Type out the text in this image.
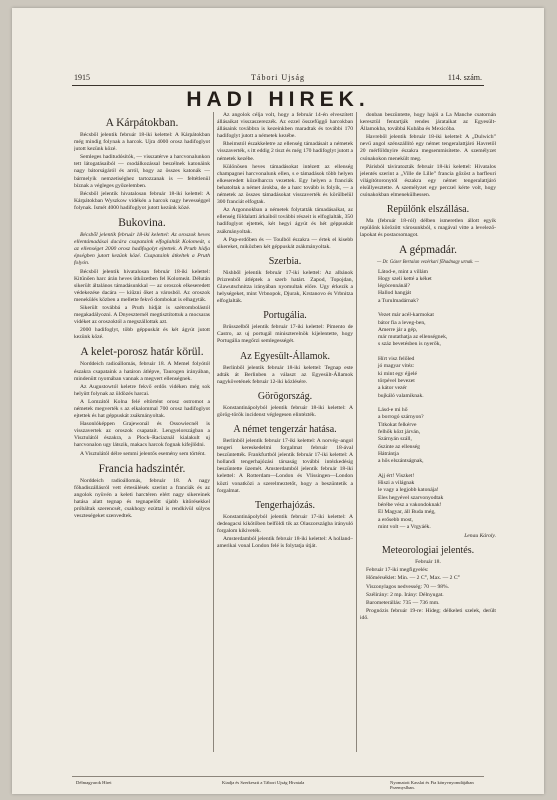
1915	Tábori Ujság	114. szám.
HADI HIREK.
A Kárpátokban.

Bécsből jelentik február 18-iki kelettel: A Kárpátokban még mindig folynak a harcok. Ujra 4000 orosz hadifoglyot jutott kezünk közé.

Semleges haditudósítók, — visszatérve a harcvonalunkon tett látogatásaiból — csodálkozással beszélnek katonáink nagy bátorságáról és arról, hogy az összes katonák — bármelyik nemzetiséghez tartozzanak is — feltétlenül bíznak a végleges győzelemben.

Bécsből jelentik hivatalosan február 18-iki kelettel: A Kárpátokban Wyszkow vidékén a harcok nagy hevességgel folynak. Ismét 4000 hadifoglyot jutott kezünk közé.

Bukovina.

Bécsből jelentik február 18-iki kelettel: Az oroszok heves ellentámadásai dacára csapataink elfoglalták Kolomeát, s az ellenséget 2000 orosz hadifogolyt ejtettek. A Pruth hídja épségben jutott kezünk közé. Csapataink átkeltek a Pruth folyón.

Bécsből jelentik hivatalosan február 18-iki kelettel: Kitűnően harc árán heves ütközetben fel Kolomeát. Délután sikerült általános támadásunkkal — az oroszok elkeseredett védekezése dacára — kiűzni őket a városból. Az oroszok menekülés közben a mellette fekvő dombokat is elhagyták.

Sikerült továbbá a Pruth hídját is szétrombolástól megakadályozni. A Dnyeszternél megtisztítottuk a mocsaras vidéket az oroszoktól a megszállottak azt.

2000 hadifoglyt, több géppuskát és két ágyút jutott kezünk közé.

A kelet-porosz határ körül.

Norddeich radioállomás, február 18. A Memel folyótól északra csapataink a határon átlépve, Taurogen irányában, mindenütt nyomában vannak a megvert ellenségnek.

Az Augustowtól keletre fekvő erdős vidéken még sok helyütt folynak az üldözés harcai.

A Lomzától Kolna felé eltörtént orosz ostromot a németek megverték s az elkalommal 700 orosz hadifoglyot ejtettek és hat géppuskát zsákmányoltak.

Hasonlóképpen Grajewonál és Ossowiecnél is visszavertek az oroszok csapatait. Lengyelországban a Visztulától északra, a Plock–Raciaznál kialakult uj harcvonalon ugy látszik, makacs harcok fognak kifejlődni.

A Visztulától délre semmi jelentős esemény sem történt.

Francia hadszintér.

Norddeich radioállomás, február 18. A nagy főhadiszállásról vett értesülések szerint a franciák és az angolok nyüvén a keleti harctéren elért nagy sikereinek hatása alatt tegnap és tegnapelőtt újabb kitörésekkel próbáltak szerencsét, csakhogy ezúttal is rendkívül súlyos veszteségeket szenvedtek.

Az angolok célja volt, hogy a február 14-én elveszített állásaikat visszaszerezzék. Az ezzel összefüggő harcokban állásaink továbbra is kezeinkben maradtak és további 170 hadifoglyt jutott a németek kezébe.

Rheimstól északkeletre az ellenség támadásait a németek visszaverték, s itt eddig 2 tiszt és még 170 hadifoglyt jutott a németek kezébe.

Különösen heves támadásokat intézett az ellenség champagnei harcvonalunk ellen, s e támadások több helyen elkeseredett közelharcra vezettek. Egy helyen a franciák behatoltak a német árokba, de a harc tovább is folyik, — a németek az összes támadásokat visszaverték és körülbelül 300 franciát elfogtak.

Az Argonnokban a németek folytatták támadásaikat, az ellenség földalatti árkaiból további részeit is elfoglalták, 350 hadifoglyot ejtettek, két hegyi ágyút és hét géppuskát zsákmányoltak.

A Pap-erdőben és — Toulból északra — értek el kisebb sikereket, miközben két géppuskát zsákmányoltak.

Szerbia.

Nishből jelentik február 17-iki kelettel: Az albánok Prizrenből átléptek a szerb határt. Zapod, Topojdan, Glawutschnitza irányában nyomultak előre. Ugy érkezik a helységeket, mint Vrbnopok, Djurak, Krstanovo és Vrbnitza elfoglalták.

Portugália.

Brüsszelből jelentik február 17-iki kelettel: Pimento de Castro, az uj portugál miniszterelnök kijelentette, hogy Portugália megőrzi semlegességét.

Az Egyesült-Államok.

Berlinből jelentik február 18-iki kelettel: Tegnap este adták át Berlinben a választ az Egyesült-Államok nagykövetének február 12-iki közlésére.

Görögország.

Konstantinápolyból jelentik február 18-iki kelettel: A görög-török incidenst véglegesen elintézték.

A német tengerzár hatása.

Berlinből jelentik február 17-iki kelettel: A norvég–angol tengeri kereskedelmi forgalmat február 18-ával beszüntették. Frankfurtból jelentik február 17-iki kelettel: A hollandi tengerhajózási társaság további intézkedésig beszüntette üzemét. Amsterdamból jelentik február 18-iki kelettel: A Rotterdam—London és Vlissingen—London közti vonatközi a szerelmeztetőt, hogy a beszüntetik a forgalmat.

Tengerhajózás.

Konstantinápolyból jelentik február 17-iki kelettel: A dedeagacsi kikötőben belföldi tik az Olaszországba irányuló forgalom kikiveték.

Amsterdamból jelentik február 18-iki kelettel: A holland–amerikai vonal London felé is folytatja útját.

donban beszüntette, hogy hajói a La Manche csatornán keresztül fentartják rendes járataikat az Egyesült-Államokba, továbbá Kubába és Mexicóba.

Havreből jelentik február 18-iki kelettel: A „Dulwich” nevű angol szénszállító egy német tengeralattjáró Havretől 20 mérföldnyire északra megsemmisítette. A személyzet csónakokon menekült meg.

Párisból táviratozták február 18-iki kelettel: Hivatalos jelentés szerint a „Ville de Lille” francia gőzöst a barfleuri világítótoronytól északra egy német tengeralattjáró elsüllyesztette. A személyzet egy perczel kérte volt, hogy csónakokban elmenekülhessen.

Repülőnk elszállása.

Ma (február 18-ról) délben ismeretlen állott egyik repülőnk körözött városunkból, s magával vitte a levelező-lapokat és postacsomagot.

A gépmadár.

— Dr. Gózer Bertalan vezérkari főhadnagy urnak. —

Látod-e, mint a villám

Hogy szeli ketté a kéket

légócennánál?

Hallod hangját

a Turulmadárnak?

Vezet már acél-karmokat

bátor fia a leveg-ben,

Amerre jár a gép,

már mutathatja az ellenségnek,

s száz bevetésben is nyerők,

Hírt visz felőled

jó magyar vitéz:

ki mint egy éjjelé

törpével bevezet

a kátor vezér

bujkáló valamiknak.

Lásd-e mi hő

a borrogó szárnyon?

Titkokat felkérve

felhők közt járván,

Szárnyán száll,

őszinte az ellenség

Hátrántja

a hős elszántságnak,

Ajj ért! Viszket!

Hiszi a világnak

le vagy a legjobb katonája!

Eles hegyével szarvonyodtak

bérébe vész a vakondoknak!

El Magyar, áll Buda még,

a erősebb most,

mint volt — a Vrgyáék.

Lenau Károly.
Meteorologiai jelentés.

Február 18.

Február 17-iki megfigyelés:

Hőmérséklet: Min. — 2 C°, Max. — 2 C°

Viszonylagos nedvesség: 70 — 98%.

Szélirány: 2 mp. Irány: Délnyugat.

Barometerállás: 735 — 736 mm.

Prognózis február 19-re: Hideg; délkeleti szelek, derült idő.

Délmagyarok Hírei	Kiadja és Szerkeszti a Tábori Ujság Hivatala	Nyomatott Kasslai és Fia könyvnyomdájában Przemyslban.
